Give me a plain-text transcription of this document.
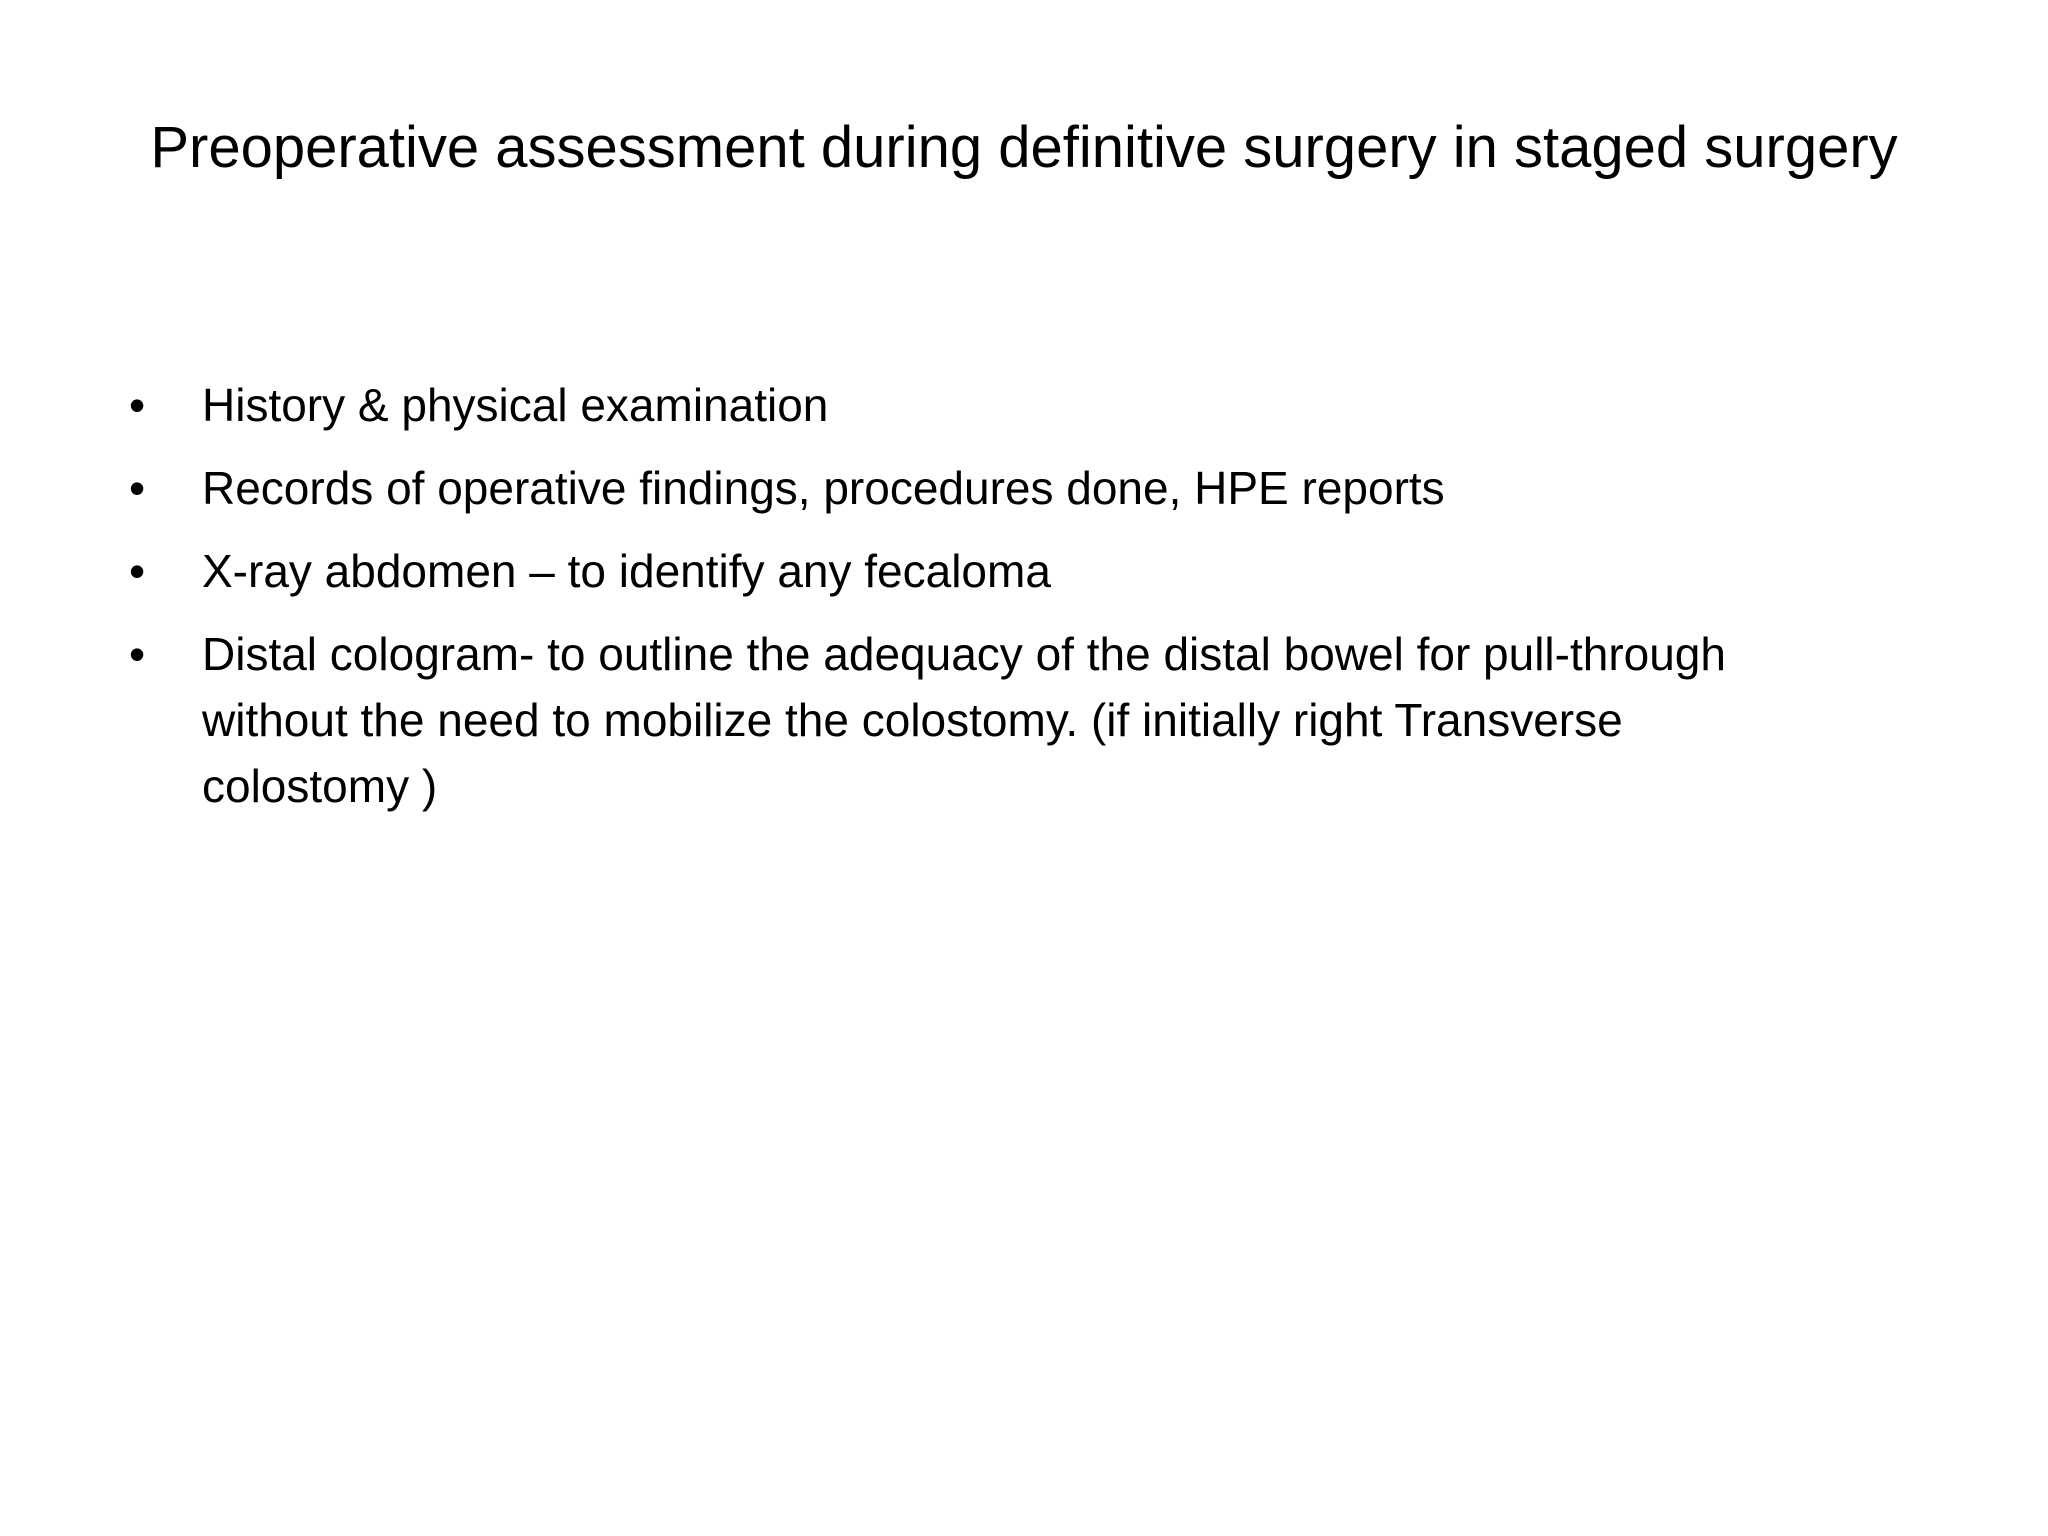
Preoperative assessment during definitive surgery in staged surgery
• History & physical examination
• Records of operative findings, procedures done, HPE reports
• X-ray abdomen – to identify any fecaloma
• Distal cologram- to outline the adequacy of the distal bowel for pull-through without the need to mobilize the colostomy. (if initially right Transverse colostomy )
